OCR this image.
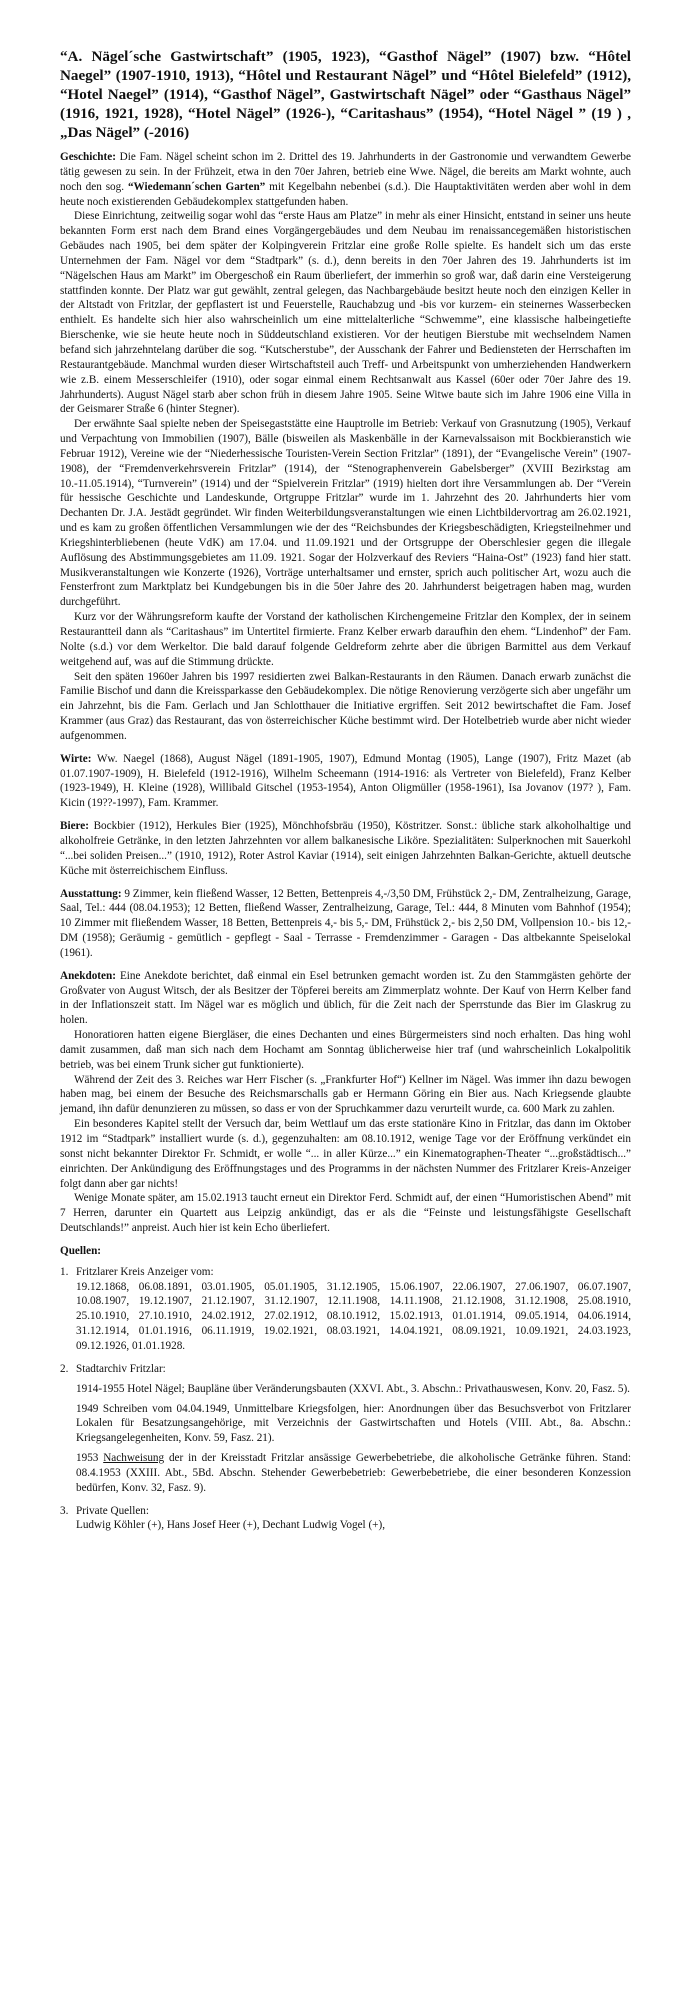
“A. Nägel´sche Gastwirtschaft” (1905, 1923), “Gasthof Nägel” (1907) bzw. “Hôtel Naegel” (1907-1910, 1913), “Hôtel und Restaurant Nägel” und “Hôtel Bielefeld” (1912), “Hotel Naegel” (1914), “Gasthof Nägel”, Gastwirtschaft Nägel” oder “Gasthaus Nägel” (1916, 1921, 1928), “Hotel Nägel” (1926-), “Caritashaus” (1954), “Hotel Nägel ” (19 ) , „Das Nägel” (-2016)

Geschichte: Die Fam. Nägel scheint schon im 2. Drittel des 19. Jahrhunderts in der Gastronomie und verwandtem Gewerbe tätig gewesen zu sein. In der Frühzeit, etwa in den 70er Jahren, betrieb eine Wwe. Nägel, die bereits am Markt wohnte, auch noch den sog. “Wiedemann´schen Garten” mit Kegelbahn nebenbei (s.d.). Die Hauptaktivitäten werden aber wohl in dem heute noch existierenden Gebäudekomplex stattgefunden haben.

Diese Einrichtung, zeitweilig sogar wohl das “erste Haus am Platze” in mehr als einer Hinsicht, entstand in seiner uns heute bekannten Form erst nach dem Brand eines Vorgängergebäudes und dem Neubau im renaissancegemäßen historistischen Gebäudes nach 1905, bei dem später der Kolpingverein Fritzlar eine große Rolle spielte. Es handelt sich um das erste Unternehmen der Fam. Nägel vor dem “Stadtpark” (s. d.), denn bereits in den 70er Jahren des 19. Jahrhunderts ist im “Nägelschen Haus am Markt” im Obergeschoß ein Raum überliefert, der immerhin so groß war, daß darin eine Versteigerung stattfinden konnte. Der Platz war gut gewählt, zentral gelegen, das Nachbargebäude besitzt heute noch den einzigen Keller in der Altstadt von Fritzlar, der gepflastert ist und Feuerstelle, Rauchabzug und -bis vor kurzem- ein steinernes Wasserbecken enthielt. Es handelte sich hier also wahrscheinlich um eine mittelalterliche “Schwemme”, eine klassische halbeingetiefte Bierschenke, wie sie heute heute noch in Süddeutschland existieren. Vor der heutigen Bierstube mit wechselndem Namen befand sich jahrzehntelang darüber die sog. “Kutscherstube”, der Ausschank der Fahrer und Bediensteten der Herrschaften im Restaurantgebäude. Manchmal wurden dieser Wirtschaftsteil auch Treff- und Arbeitspunkt von umherziehenden Handwerkern wie z.B. einem Messerschleifer (1910), oder sogar einmal einem Rechtsanwalt aus Kassel (60er oder 70er Jahre des 19. Jahrhunderts). August Nägel starb aber schon früh in diesem Jahre 1905. Seine Witwe baute sich im Jahre 1906 eine Villa in der Geismarer Straße 6 (hinter Stegner).

Der erwähnte Saal spielte neben der Speisegaststätte eine Hauptrolle im Betrieb: Verkauf von Grasnutzung (1905), Verkauf und Verpachtung von Immobilien (1907), Bälle (bisweilen als Maskenbälle in der Karnevalssaison mit Bockbieranstich wie Februar 1912), Vereine wie der “Niederhessische Touristen-Verein Section Fritzlar” (1891), der “Evangelische Verein” (1907-1908), der “Fremdenverkehrsverein Fritzlar” (1914), der “Stenographenverein Gabelsberger” (XVIII Bezirkstag am 10.-11.05.1914), “Turnverein” (1914) und der “Spielverein Fritzlar” (1919) hielten dort ihre Versammlungen ab. Der “Verein für hessische Geschichte und Landeskunde, Ortgruppe Fritzlar” wurde im 1. Jahrzehnt des 20. Jahrhunderts hier vom Dechanten Dr. J.A. Jestädt gegründet. Wir finden Weiterbildungsveranstaltungen wie einen Lichtbildervortrag am 26.02.1921, und es kam zu großen öffentlichen Versammlungen wie der des “Reichsbundes der Kriegsbeschädigten, Kriegsteilnehmer und Kriegshinterbliebenen (heute VdK) am 17.04. und 11.09.1921 und der Ortsgruppe der Oberschlesier gegen die illegale Auflösung des Abstimmungsgebietes am 11.09. 1921. Sogar der Holzverkauf des Reviers “Haina-Ost” (1923) fand hier statt. Musikveranstaltungen wie Konzerte (1926), Vorträge unterhaltsamer und ernster, sprich auch politischer Art, wozu auch die Fensterfront zum Marktplatz bei Kundgebungen bis in die 50er Jahre des 20. Jahrhunderst beigetragen haben mag, wurden durchgeführt.

Kurz vor der Währungsreform kaufte der Vorstand der katholischen Kirchengemeine Fritzlar den Komplex, der in seinem Restaurantteil dann als “Caritashaus” im Untertitel firmierte. Franz Kelber erwarb daraufhin den ehem. “Lindenhof” der Fam. Nolte (s.d.) vor dem Werkeltor. Die bald darauf folgende Geldreform zehrte aber die übrigen Barmittel aus dem Verkauf weitgehend auf, was auf die Stimmung drückte.

Seit den späten 1960er Jahren bis 1997 residierten zwei Balkan-Restaurants in den Räumen. Danach erwarb zunächst die Familie Bischof und dann die Kreissparkasse den Gebäudekomplex. Die nötige Renovierung verzögerte sich aber ungefähr um ein Jahrzehnt, bis die Fam. Gerlach und Jan Schlotthauer die Initiative ergriffen. Seit 2012 bewirtschaftet die Fam. Josef Krammer (aus Graz) das Restaurant, das von österreichischer Küche bestimmt wird. Der Hotelbetrieb wurde aber nicht wieder aufgenommen.

Wirte: Ww. Naegel (1868), August Nägel (1891-1905, 1907), Edmund Montag (1905), Lange (1907), Fritz Mazet (ab 01.07.1907-1909), H. Bielefeld (1912-1916), Wilhelm Scheemann (1914-1916: als Vertreter von Bielefeld), Franz Kelber (1923-1949), H. Kleine (1928), Willibald Gitschel (1953-1954), Anton Oligmüller (1958-1961), Isa Jovanov (197? ), Fam. Kicin (19??-1997), Fam. Krammer.

Biere: Bockbier (1912), Herkules Bier (1925), Mönchhofsbräu (1950), Köstritzer. Sonst.: übliche stark alkoholhaltige und alkoholfreie Getränke, in den letzten Jahrzehnten vor allem balkanesische Liköre. Spezialitäten: Sulperknochen mit Sauerkohl “...bei soliden Preisen...” (1910, 1912), Roter Astrol Kaviar (1914), seit einigen Jahrzehnten Balkan-Gerichte, aktuell deutsche Küche mit österreichischem Einfluss.

Ausstattung: 9 Zimmer, kein fließend Wasser, 12 Betten, Bettenpreis 4,-/3,50 DM, Frühstück 2,- DM, Zentralheizung, Garage, Saal, Tel.: 444 (08.04.1953); 12 Betten, fließend Wasser, Zentralheizung, Garage, Tel.: 444, 8 Minuten vom Bahnhof (1954); 10 Zimmer mit fließendem Wasser, 18 Betten, Bettenpreis 4,- bis 5,- DM, Frühstück 2,- bis 2,50 DM, Vollpension 10.- bis 12,- DM (1958); Geräumig - gemütlich - gepflegt - Saal - Terrasse - Fremdenzimmer - Garagen - Das altbekannte Speiselokal (1961).

Anekdoten: Eine Anekdote berichtet, daß einmal ein Esel betrunken gemacht worden ist. Zu den Stammgästen gehörte der Großvater von August Witsch, der als Besitzer der Töpferei bereits am Zimmerplatz wohnte. Der Kauf von Herrn Kelber fand in der Inflationszeit statt. Im Nägel war es möglich und üblich, für die Zeit nach der Sperrstunde das Bier im Glaskrug zu holen.

Honoratioren hatten eigene Biergläser, die eines Dechanten und eines Bürgermeisters sind noch erhalten. Das hing wohl damit zusammen, daß man sich nach dem Hochamt am Sonntag üblicherweise hier traf (und wahrscheinlich Lokalpolitik betrieb, was bei einem Trunk sicher gut funktionierte).

Während der Zeit des 3. Reiches war Herr Fischer (s. „Frankfurter Hof“) Kellner im Nägel. Was immer ihn dazu bewogen haben mag, bei einem der Besuche des Reichsmarschalls gab er Hermann Göring ein Bier aus. Nach Kriegsende glaubte jemand, ihn dafür denunzieren zu müssen, so dass er von der Spruchkammer dazu verurteilt wurde, ca. 600 Mark zu zahlen.

Ein besonderes Kapitel stellt der Versuch dar, beim Wettlauf um das erste stationäre Kino in Fritzlar, das dann im Oktober 1912 im “Stadtpark” installiert wurde (s. d.), gegenzuhalten: am 08.10.1912, wenige Tage vor der Eröffnung verkündet ein sonst nicht bekannter Direktor Fr. Schmidt, er wolle “... in aller Kürze...” ein Kinematographen-Theater “...großstädtisch...” einrichten. Der Ankündigung des Eröffnungstages und des Programms in der nächsten Nummer des Fritzlarer Kreis-Anzeiger folgt dann aber gar nichts!

Wenige Monate später, am 15.02.1913 taucht erneut ein Direktor Ferd. Schmidt auf, der einen “Humoristischen Abend” mit 7 Herren, darunter ein Quartett aus Leipzig ankündigt, das er als die “Feinste und leistungsfähigste Gesellschaft Deutschlands!” anpreist. Auch hier ist kein Echo überliefert.

Quellen:
1. Fritzlarer Kreis Anzeiger vom:
19.12.1868, 06.08.1891, 03.01.1905, 05.01.1905, 31.12.1905, 15.06.1907, 22.06.1907, 27.06.1907, 06.07.1907, 10.08.1907, 19.12.1907, 21.12.1907, 31.12.1907, 12.11.1908, 14.11.1908, 21.12.1908, 31.12.1908, 25.08.1910, 25.10.1910, 27.10.1910, 24.02.1912, 27.02.1912, 08.10.1912, 15.02.1913, 01.01.1914, 09.05.1914, 04.06.1914, 31.12.1914, 01.01.1916, 06.11.1919, 19.02.1921, 08.03.1921, 14.04.1921, 08.09.1921, 10.09.1921, 24.03.1923, 09.12.1926, 01.01.1928.
2. Stadtarchiv Fritzlar:
1914-1955 Hotel Nägel; Baupläne über Veränderungsbauten (XXVI. Abt., 3. Abschn.: Privathauswesen, Konv. 20, Fasz. 5).
1949 Schreiben vom 04.04.1949, Unmittelbare Kriegsfolgen, hier: Anordnungen über das Besuchsverbot von Fritzlarer Lokalen für Besatzungsangehörige, mit Verzeichnis der Gastwirtschaften und Hotels (VIII. Abt., 8a. Abschn.: Kriegsangelegenheiten, Konv. 59, Fasz. 21).
1953 Nachweisung der in der Kreisstadt Fritzlar ansässige Gewerbebetriebe, die alkoholische Getränke führen. Stand: 08.4.1953 (XXIII. Abt., 5Bd. Abschn. Stehender Gewerbebetrieb: Gewerbebetriebe, die einer besonderen Konzession bedürfen, Konv. 32, Fasz. 9).
3. Private Quellen:
Ludwig Köhler (+), Hans Josef Heer (+), Dechant Ludwig Vogel (+),
